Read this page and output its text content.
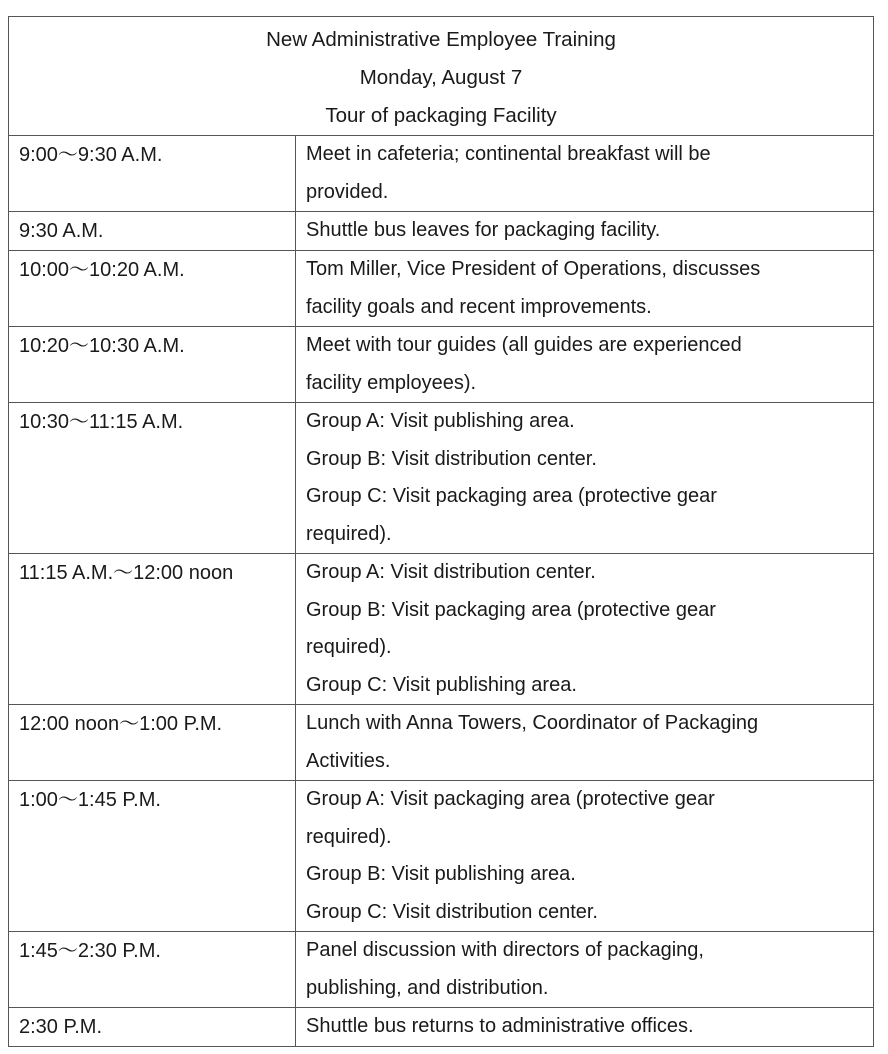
New Administrative Employee Training
Monday, August 7
Tour of packaging Facility	

9:00～9:30 A.M.	Meet in cafeteria; continental breakfast will be
provided.

9:30 A.M.	Shuttle bus leaves for packaging facility.

10:00～10:20 A.M.	Tom Miller, Vice President of Operations, discusses
facility goals and recent improvements.

10:20～10:30 A.M.	Meet with tour guides (all guides are experienced
facility employees).

10:30～11:15 A.M.	Group A: Visit publishing area.
Group B: Visit distribution center.
Group C: Visit packaging area (protective gear
required).

11:15 A.M.～12:00 noon	Group A: Visit distribution center.
Group B: Visit packaging area (protective gear
required).
Group C: Visit publishing area.

12:00 noon～1:00 P.M.	Lunch with Anna Towers, Coordinator of Packaging
Activities.

1:00～1:45 P.M.	Group A: Visit packaging area (protective gear
required).
Group B: Visit publishing area.
Group C: Visit distribution center.

1:45～2:30 P.M.	Panel discussion with directors of packaging,
publishing, and distribution.

2:30 P.M.	Shuttle bus returns to administrative offices.
